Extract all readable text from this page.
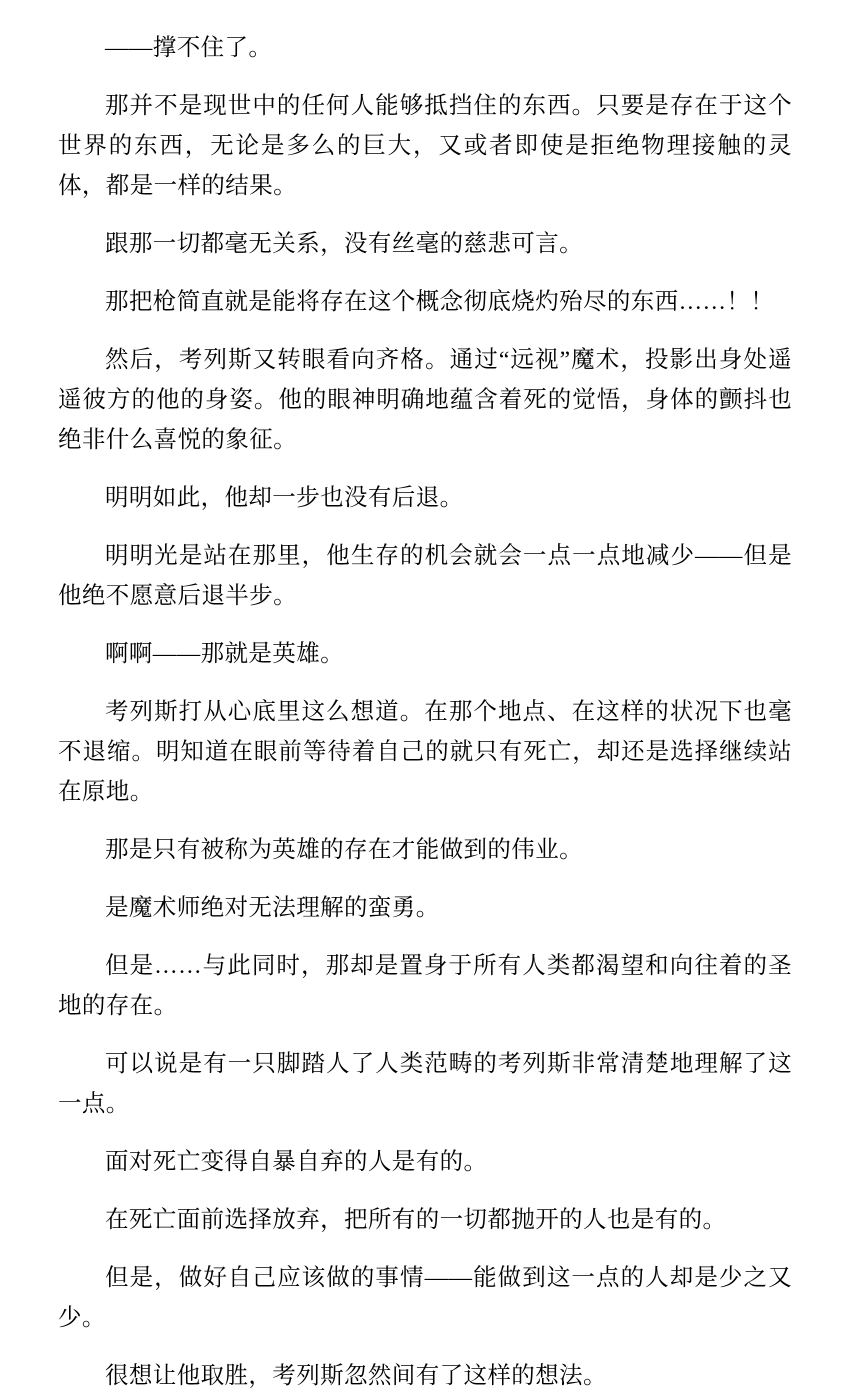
——撑不住了。

那并不是现世中的任何人能够抵挡住的东西。只要是存在于这个世界的东西，无论是多么的巨大，又或者即使是拒绝物理接触的灵体，都是一样的结果。

跟那一切都毫无关系，没有丝毫的慈悲可言。

那把枪简直就是能将存在这个概念彻底烧灼殆尽的东西……！！

然后，考列斯又转眼看向齐格。通过“远视”魔术，投影出身处遥遥彼方的他的身姿。他的眼神明确地蕴含着死的觉悟，身体的颤抖也绝非什么喜悦的象征。

明明如此，他却一步也没有后退。

明明光是站在那里，他生存的机会就会一点一点地减少——但是他绝不愿意后退半步。

啊啊——那就是英雄。

考列斯打从心底里这么想道。在那个地点、在这样的状况下也毫不退缩。明知道在眼前等待着自己的就只有死亡，却还是选择继续站在原地。

那是只有被称为英雄的存在才能做到的伟业。

是魔术师绝对无法理解的蛮勇。

但是……与此同时，那却是置身于所有人类都渴望和向往着的圣地的存在。

可以说是有一只脚踏人了人类范畴的考列斯非常清楚地理解了这一点。

面对死亡变得自暴自弃的人是有的。

在死亡面前选择放弃，把所有的一切都抛开的人也是有的。

但是，做好自己应该做的事情——能做到这一点的人却是少之又少。

很想让他取胜，考列斯忽然间有了这样的想法。
